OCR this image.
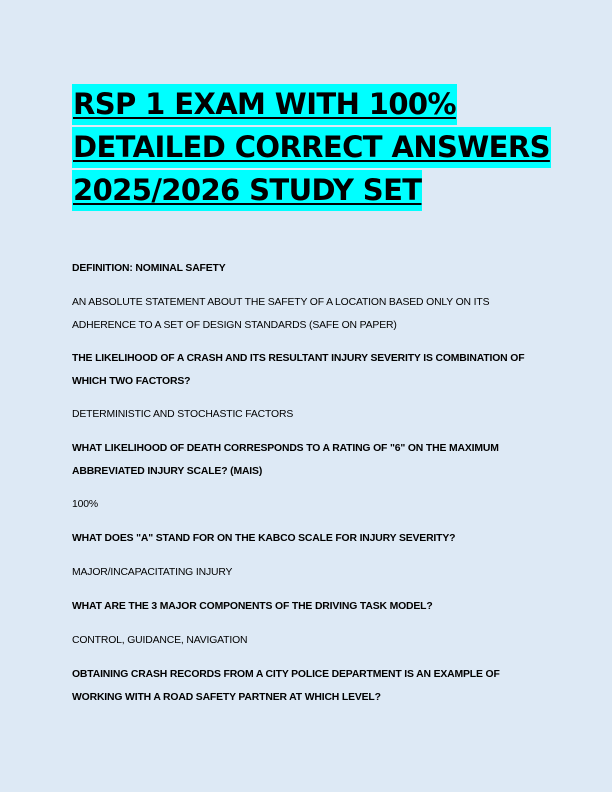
RSP 1 EXAM WITH 100%
DETAILED CORRECT ANSWERS
2025/2026 STUDY SET

DEFINITION: NOMINAL SAFETY

AN ABSOLUTE STATEMENT ABOUT THE SAFETY OF A LOCATION BASED ONLY ON ITS ADHERENCE TO A SET OF DESIGN STANDARDS (SAFE ON PAPER)

THE LIKELIHOOD OF A CRASH AND ITS RESULTANT INJURY SEVERITY IS COMBINATION OF WHICH TWO FACTORS?

DETERMINISTIC AND STOCHASTIC FACTORS

WHAT LIKELIHOOD OF DEATH CORRESPONDS TO A RATING OF "6" ON THE MAXIMUM ABBREVIATED INJURY SCALE? (MAIS)

100%

WHAT DOES "A" STAND FOR ON THE KABCO SCALE FOR INJURY SEVERITY?

MAJOR/INCAPACITATING INJURY

WHAT ARE THE 3 MAJOR COMPONENTS OF THE DRIVING TASK MODEL?

CONTROL, GUIDANCE, NAVIGATION

OBTAINING CRASH RECORDS FROM A CITY POLICE DEPARTMENT IS AN EXAMPLE OF WORKING WITH A ROAD SAFETY PARTNER AT WHICH LEVEL?
